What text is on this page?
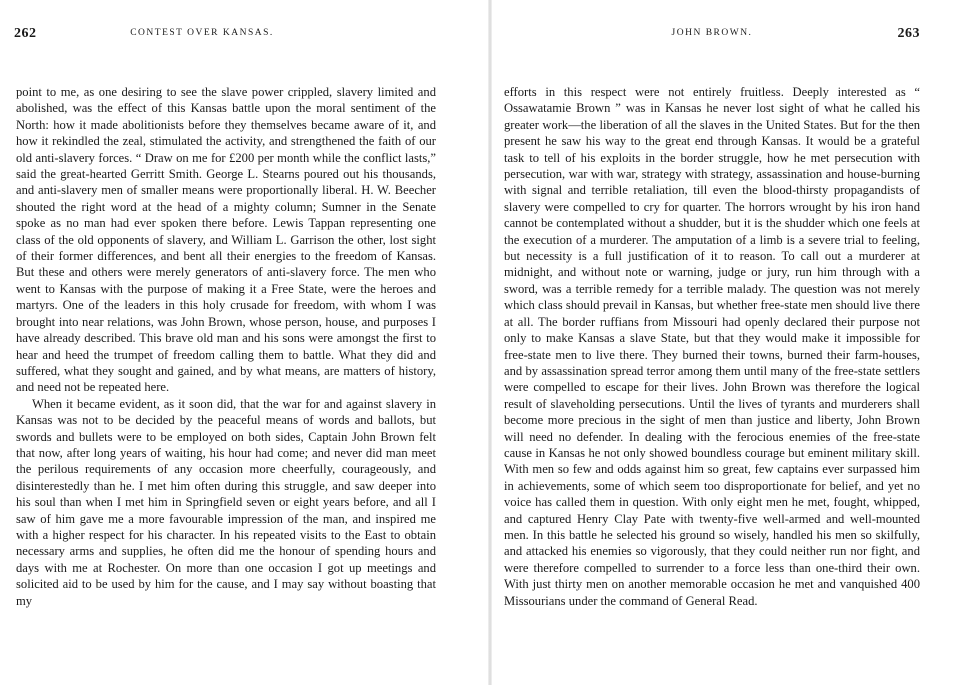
262	CONTEST OVER KANSAS.

point to me, as one desiring to see the slave power crippled, slavery limited and abolished, was the effect of this Kansas battle upon the moral sentiment of the North: how it made abolitionists before they themselves became aware of it, and how it rekindled the zeal, stimulated the activity, and strengthened the faith of our old anti-slavery forces. “ Draw on me for £200 per month while the conflict lasts,” said the great-hearted Gerritt Smith. George L. Stearns poured out his thousands, and anti-slavery men of smaller means were proportionally liberal. H. W. Beecher shouted the right word at the head of a mighty column; Sumner in the Senate spoke as no man had ever spoken there before. Lewis Tappan representing one class of the old opponents of slavery, and William L. Garrison the other, lost sight of their former differences, and bent all their energies to the freedom of Kansas. But these and others were merely generators of anti-slavery force. The men who went to Kansas with the purpose of making it a Free State, were the heroes and martyrs. One of the leaders in this holy crusade for freedom, with whom I was brought into near relations, was John Brown, whose person, house, and purposes I have already described. This brave old man and his sons were amongst the first to hear and heed the trumpet of freedom calling them to battle. What they did and suffered, what they sought and gained, and by what means, are matters of history, and need not be repeated here.

When it became evident, as it soon did, that the war for and against slavery in Kansas was not to be decided by the peaceful means of words and ballots, but swords and bullets were to be employed on both sides, Captain John Brown felt that now, after long years of waiting, his hour had come; and never did man meet the perilous requirements of any occasion more cheerfully, courageously, and disinterestedly than he. I met him often during this struggle, and saw deeper into his soul than when I met him in Springfield seven or eight years before, and all I saw of him gave me a more favourable impression of the man, and inspired me with a higher respect for his character. In his repeated visits to the East to obtain necessary arms and supplies, he often did me the honour of spending hours and days with me at Rochester. On more than one occasion I got up meetings and solicited aid to be used by him for the cause, and I may say without boasting that my

JOHN BROWN.	263

efforts in this respect were not entirely fruitless. Deeply interested as “ Ossawatamie Brown ” was in Kansas he never lost sight of what he called his greater work—the liberation of all the slaves in the United States. But for the then present he saw his way to the great end through Kansas. It would be a grateful task to tell of his exploits in the border struggle, how he met persecution with persecution, war with war, strategy with strategy, assassination and house-burning with signal and terrible retaliation, till even the blood-thirsty propagandists of slavery were compelled to cry for quarter. The horrors wrought by his iron hand cannot be contemplated without a shudder, but it is the shudder which one feels at the execution of a murderer. The amputation of a limb is a severe trial to feeling, but necessity is a full justification of it to reason. To call out a murderer at midnight, and without note or warning, judge or jury, run him through with a sword, was a terrible remedy for a terrible malady. The question was not merely which class should prevail in Kansas, but whether free-state men should live there at all. The border ruffians from Missouri had openly declared their purpose not only to make Kansas a slave State, but that they would make it impossible for free-state men to live there. They burned their towns, burned their farm-houses, and by assassination spread terror among them until many of the free-state settlers were compelled to escape for their lives. John Brown was therefore the logical result of slaveholding persecutions. Until the lives of tyrants and murderers shall become more precious in the sight of men than justice and liberty, John Brown will need no defender. In dealing with the ferocious enemies of the free-state cause in Kansas he not only showed boundless courage but eminent military skill. With men so few and odds against him so great, few captains ever surpassed him in achievements, some of which seem too disproportionate for belief, and yet no voice has called them in question. With only eight men he met, fought, whipped, and captured Henry Clay Pate with twenty-five well-armed and well-mounted men. In this battle he selected his ground so wisely, handled his men so skilfully, and attacked his enemies so vigorously, that they could neither run nor fight, and were therefore compelled to surrender to a force less than one-third their own. With just thirty men on another memorable occasion he met and vanquished 400 Missourians under the command of General Read.
